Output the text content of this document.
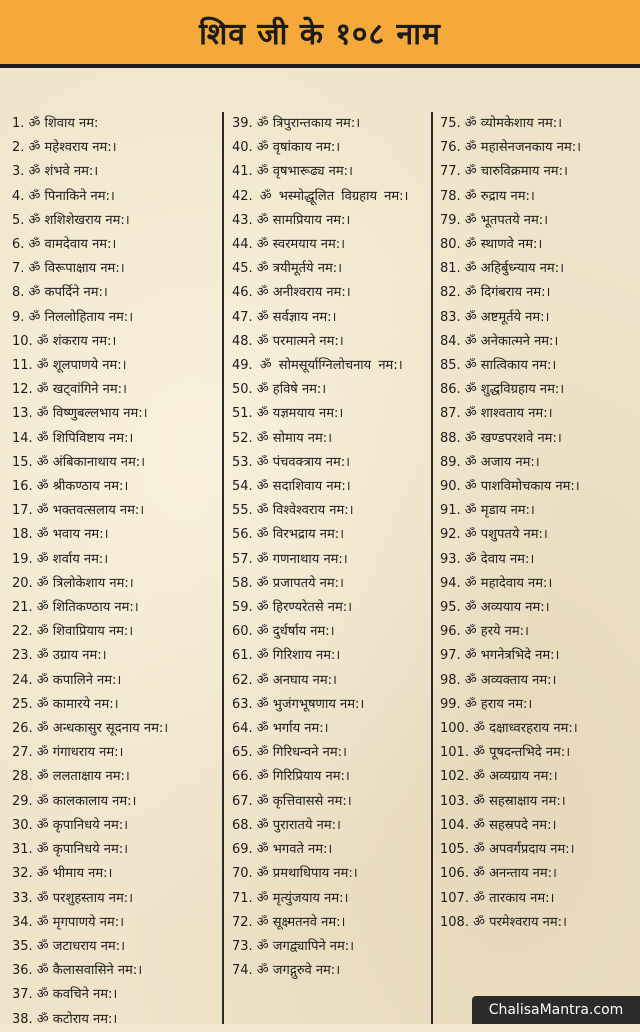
शिव जी के १०८ नाम
1. ॐ शिवाय नम:
2. ॐ महेश्वराय नम:।
3. ॐ शंभवे नम:।
4. ॐ पिनाकिने नम:।
5. ॐ शशिशेखराय नम:।
6. ॐ वामदेवाय नम:।
7. ॐ विरूपाक्षाय नम:।
8. ॐ कपर्दिने नम:।
9. ॐ निललोहिताय नम:।
10. ॐ शंकराय नम:।
11. ॐ शूलपाणये नम:।
12. ॐ खट्वांगिने नम:।
13. ॐ विष्णुबल्लभाय नम:।
14. ॐ शिपिविष्टाय नम:।
15. ॐ अंबिकानाथाय नम:।
16. ॐ श्रीकण्ठाय नम:।
17. ॐ भक्तवत्सलाय नम:।
18. ॐ भवाय नम:।
19. ॐ शर्वाय नम:।
20. ॐ त्रिलोकेशाय नम:।
21. ॐ शितिकण्ठाय नम:।
22. ॐ शिवाप्रियाय नम:।
23. ॐ उग्राय नम:।
24. ॐ कपालिने नम:।
25. ॐ कामारये नम:।
26. ॐ अन्धकासुर सूदनाय नम:।
27. ॐ गंगाधराय नम:।
28. ॐ ललताक्षाय नम:।
29. ॐ कालकालाय नम:।
30. ॐ कृपानिधये नम:।
31. ॐ कृपानिधये नम:।
32. ॐ भीमाय नम:।
33. ॐ परशुहस्ताय नम:।
34. ॐ मृगपाणये नम:।
35. ॐ जटाधराय नम:।
36. ॐ कैलासवासिने नम:।
37. ॐ कवचिने नम:।
38. ॐ कटोराय नम:।
39. ॐ त्रिपुरान्तकाय नम:।
40. ॐ वृषांकाय नम:।
41. ॐ वृषभारूढ्य नम:।
42. ॐ भस्मोद्धूलित विग्रहाय नम:।
43. ॐ सामप्रियाय नम:।
44. ॐ स्वरमयाय नम:।
45. ॐ त्रयीमूर्तये नम:।
46. ॐ अनीश्वराय नम:।
47. ॐ सर्वज्ञाय नम:।
48. ॐ परमात्मने नम:।
49. ॐ सोमसूर्याग्निलोचनाय नम:।
50. ॐ हविषे नम:।
51. ॐ यज्ञमयाय नम:।
52. ॐ सोमाय नम:।
53. ॐ पंचवक्त्राय नम:।
54. ॐ सदाशिवाय नम:।
55. ॐ विश्वेश्वराय नम:।
56. ॐ विरभद्राय नम:।
57. ॐ गणनाथाय नम:।
58. ॐ प्रजापतये नम:।
59. ॐ हिरण्यरेतसे नम:।
60. ॐ दुर्धर्षाय नम:।
61. ॐ गिरिशाय नम:।
62. ॐ अनघाय नम:।
63. ॐ भुजंगभूषणाय नम:।
64. ॐ भर्गाय नम:।
65. ॐ गिरिधन्वने नम:।
66. ॐ गिरिप्रियाय नम:।
67. ॐ कृत्तिवाससे नम:।
68. ॐ पुरारातये नम:।
69. ॐ भगवते नम:।
70. ॐ प्रमथाधिपाय नम:।
71. ॐ मृत्युंजयाय नम:।
72. ॐ सूक्ष्मतनवे नम:।
73. ॐ जगद्व्यापिने नम:।
74. ॐ जगद्गुरुवे नम:।
75. ॐ व्योमकेशाय नम:।
76. ॐ महासेनजनकाय नम:।
77. ॐ चारुविक्रमाय नम:।
78. ॐ रुद्राय नम:।
79. ॐ भूतपतये नम:।
80. ॐ स्थाणवे नम:।
81. ॐ अहिर्बुध्न्याय नम:।
82. ॐ दिगंबराय नम:।
83. ॐ अष्टमूर्तये नम:।
84. ॐ अनेकात्मने नम:।
85. ॐ सात्विकाय नम:।
86. ॐ शुद्धविग्रहाय नम:।
87. ॐ शाश्वताय नम:।
88. ॐ खण्डपरशवे नम:।
89. ॐ अजाय नम:।
90. ॐ पाशविमोचकाय नम:।
91. ॐ मृडाय नम:।
92. ॐ पशुपतये नम:।
93. ॐ देवाय नम:।
94. ॐ महादेवाय नम:।
95. ॐ अव्ययाय नम:।
96. ॐ हरये नम:।
97. ॐ भगनेत्रभिदे नम:।
98. ॐ अव्यक्ताय नम:।
99. ॐ हराय नम:।
100. ॐ दक्षाध्वरहराय नम:।
101. ॐ पूषदन्तभिदे नम:।
102. ॐ अव्यग्राय नम:।
103. ॐ सहस्राक्षाय नम:।
104. ॐ सहस्रपदे नम:।
105. ॐ अपवर्गप्रदाय नम:।
106. ॐ अनन्ताय नम:।
107. ॐ तारकाय नम:।
108. ॐ परमेश्वराय नम:।
ChalisaMantra.com
